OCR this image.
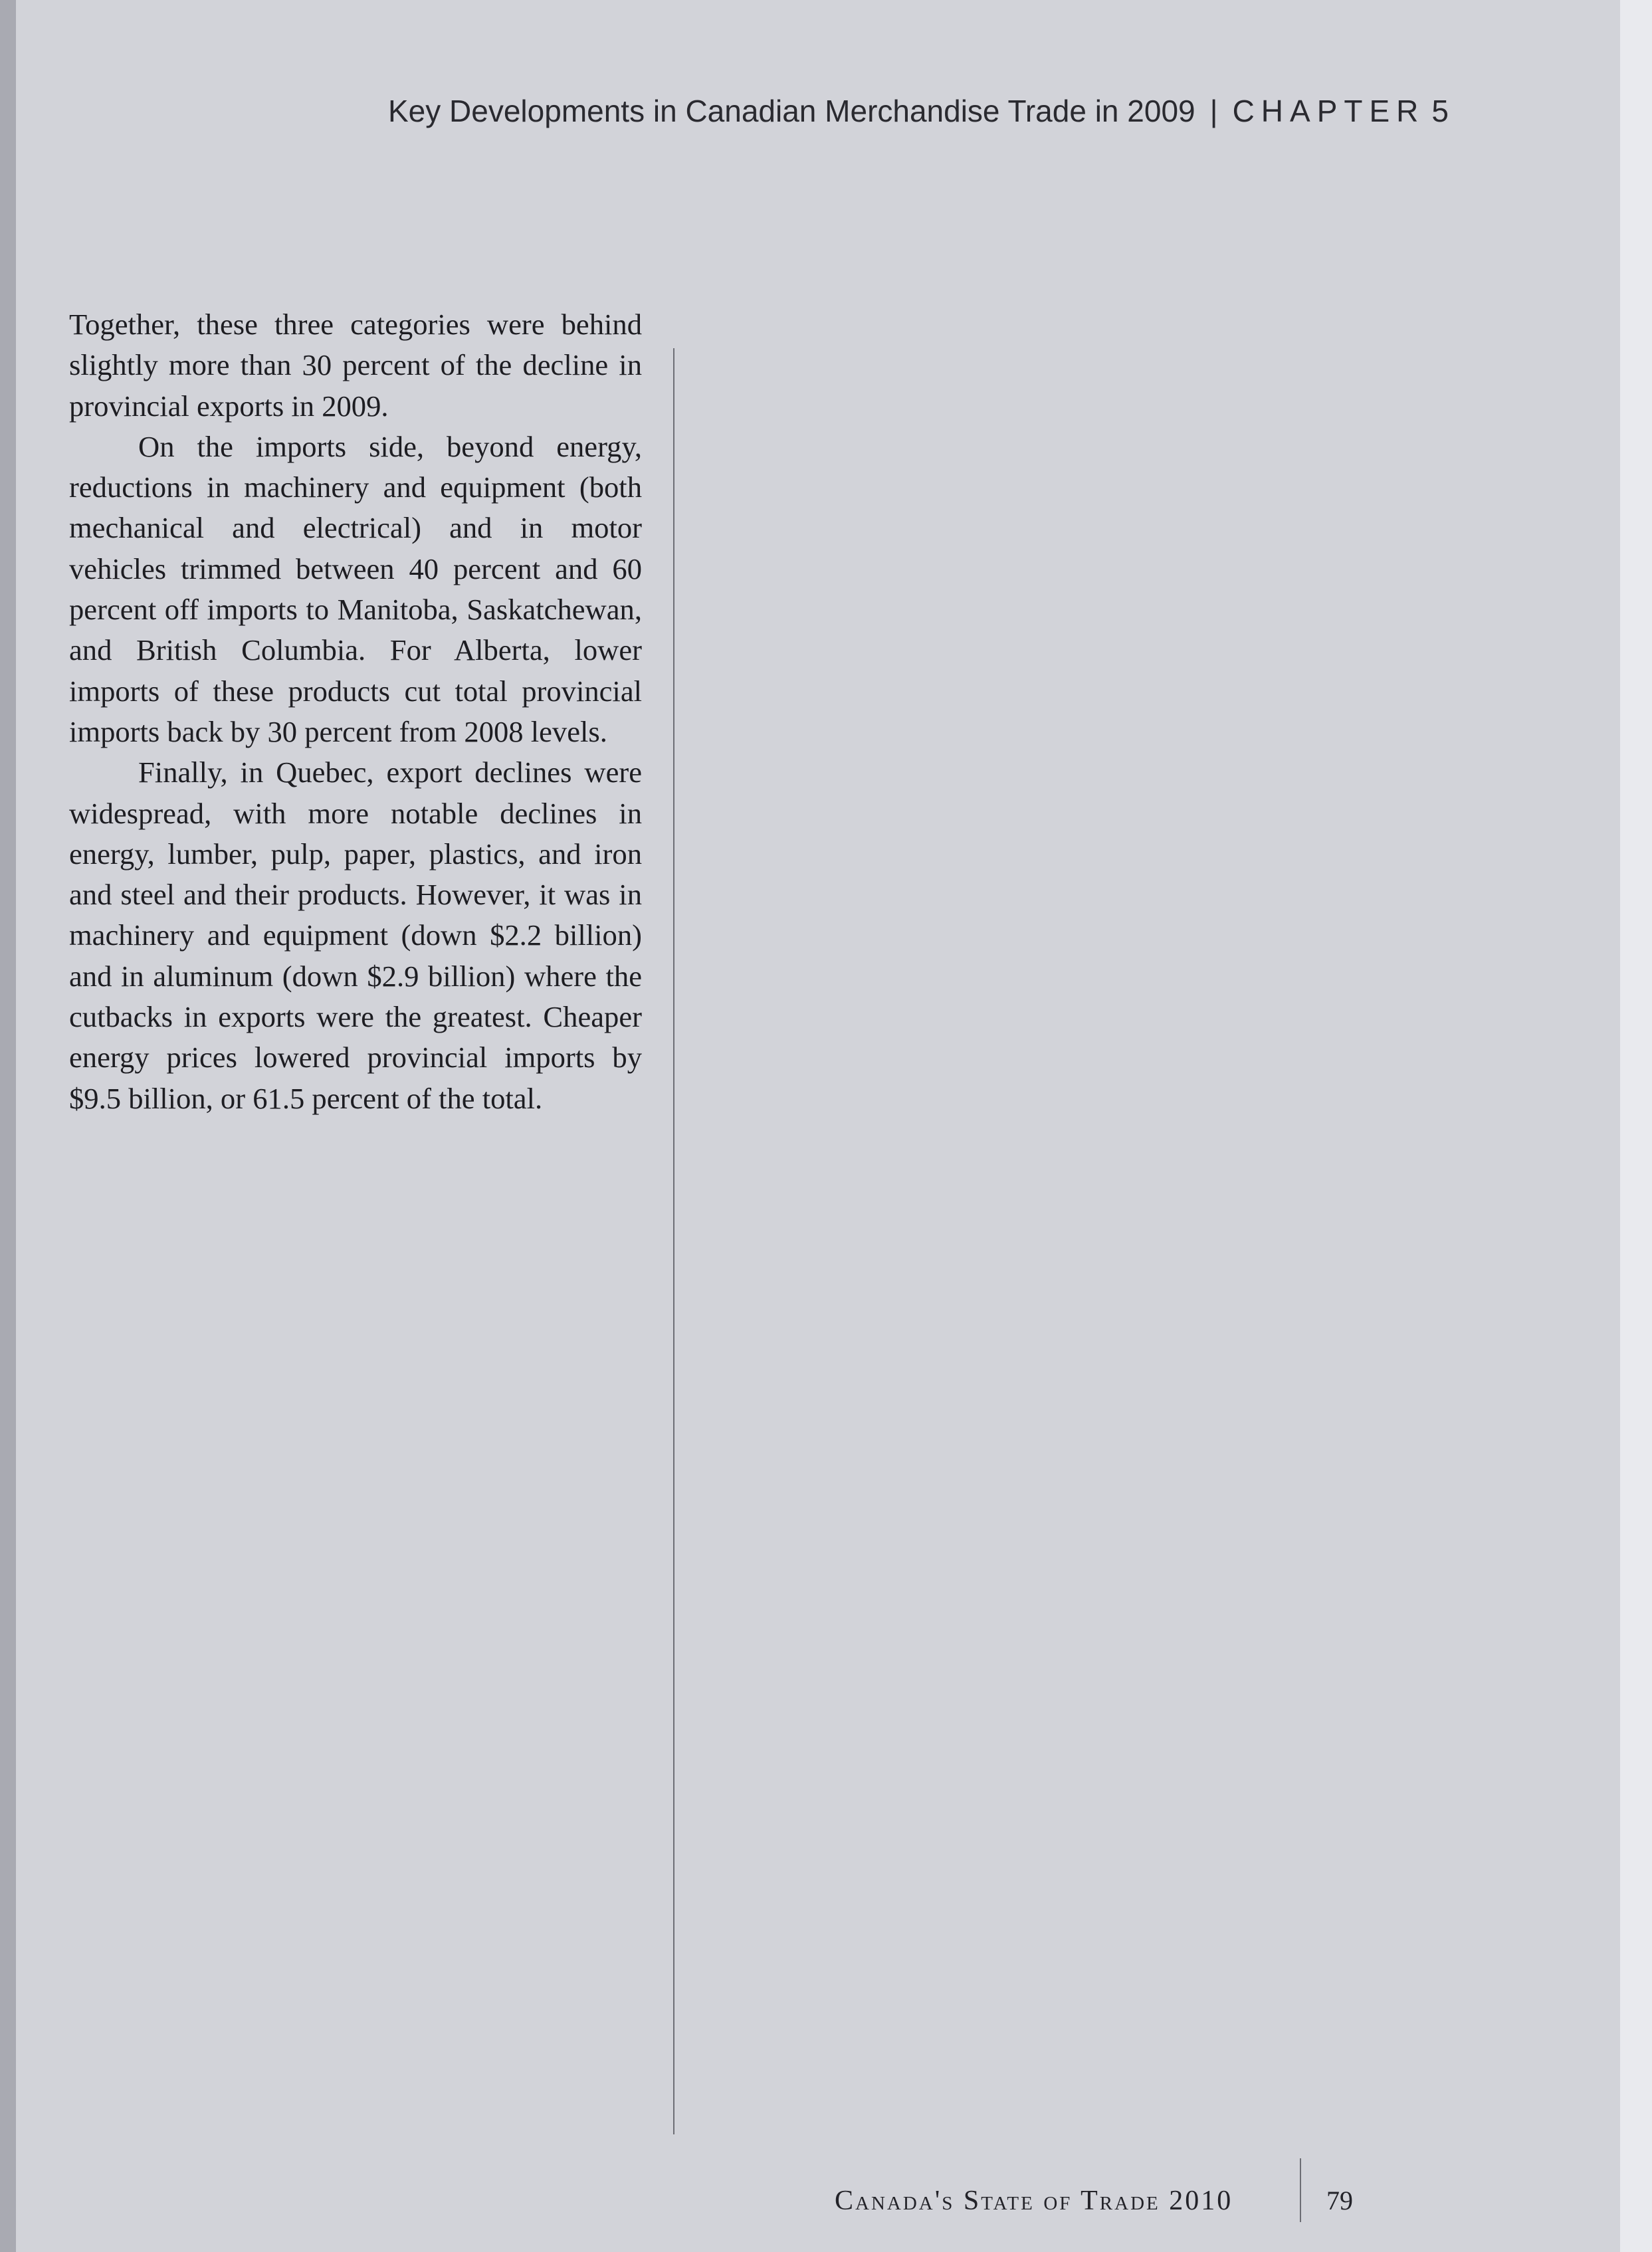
Key Developments in Canadian Merchandise Trade in 2009 | CHAPTER 5

Together, these three categories were behind slightly more than 30 percent of the decline in provincial exports in 2009.

On the imports side, beyond energy, reductions in machinery and equipment (both mechanical and electrical) and in motor vehicles trimmed between 40 percent and 60 percent off imports to Manitoba, Saskatchewan, and British Columbia. For Alberta, lower imports of these products cut total provincial imports back by 30 percent from 2008 levels.

Finally, in Quebec, export declines were widespread, with more notable declines in energy, lumber, pulp, paper, plastics, and iron and steel and their products. However, it was in machinery and equipment (down $2.2 billion) and in aluminum (down $2.9 billion) where the cutbacks in exports were the greatest. Cheaper energy prices lowered provincial imports by $9.5 billion, or 61.5 percent of the total.

Canada's State of Trade 2010	79
